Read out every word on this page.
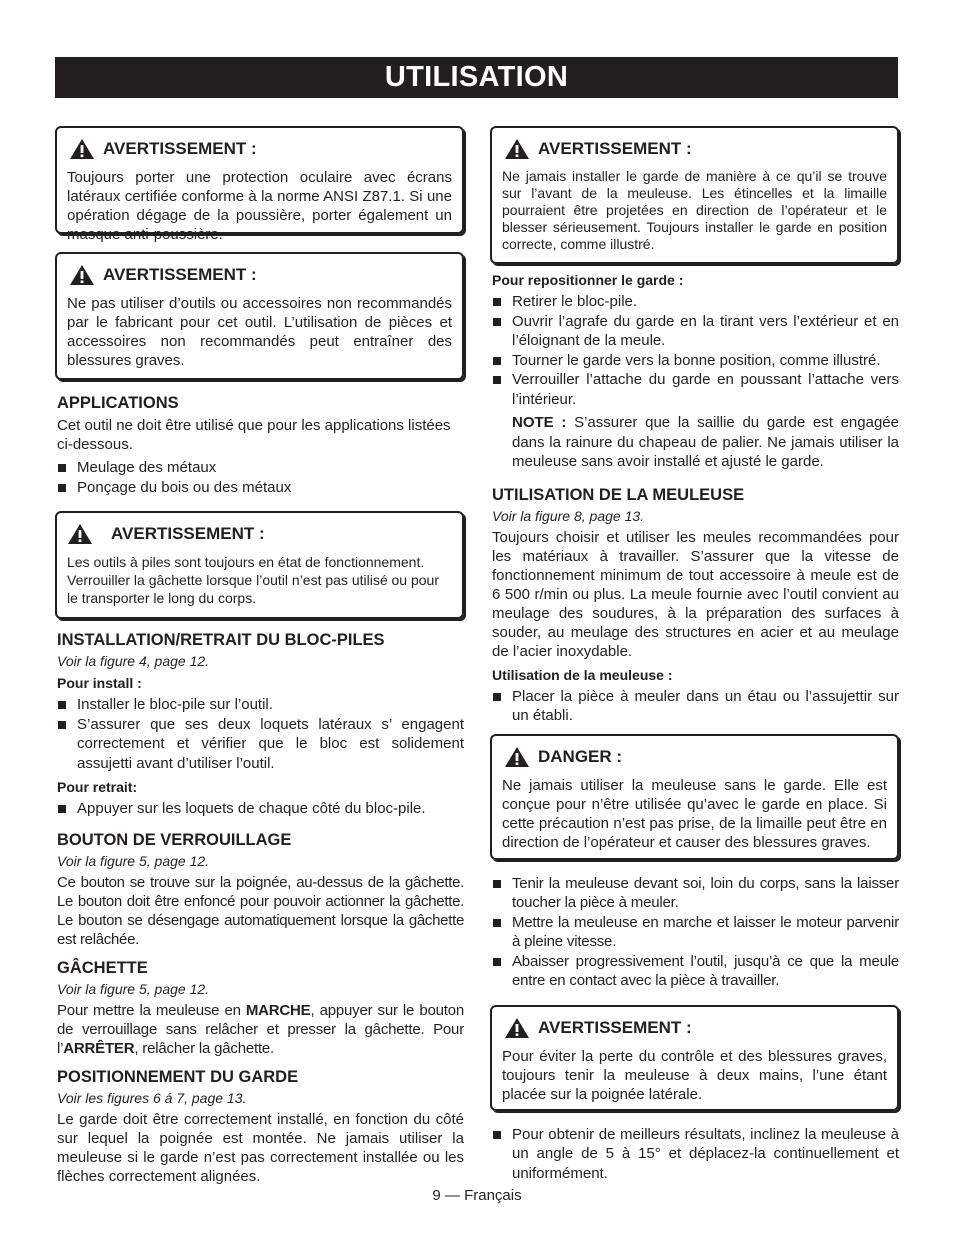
UTILISATION
AVERTISSEMENT :
Toujours porter une protection oculaire avec écrans latéraux certifiée conforme à la norme ANSI Z87.1. Si une opération dégage de la poussière, porter également un masque anti-poussière.
AVERTISSEMENT :
Ne pas utiliser d’outils ou accessoires non recommandés par le fabricant pour cet outil. L’utilisation de pièces et accessoires non recommandés peut entraîner des blessures graves.
APPLICATIONS

Cet outil ne doit être utilisé que pour les applications listées ci-dessous.

Meulage des métaux
Ponçage du bois ou des métaux
AVERTISSEMENT :
Les outils à piles sont toujours en état de fonctionnement. Verrouiller la gâchette lorsque l’outil n’est pas utilisé ou pour le transporter le long du corps.
INSTALLATION/RETRAIT DU BLOC-PILES
Voir la figure 4, page 12.
Pour install :
Installer le bloc-pile sur l’outil.
S’assurer que ses deux loquets latéraux s’ engagent correctement et vérifier que le bloc est solidement assujetti avant d’utiliser l’outil.
Pour retrait:
Appuyer sur les loquets de chaque côté du bloc-pile.
BOUTON DE VERROUILLAGE
Voir la figure 5, page 12.

Ce bouton se trouve sur la poignée, au-dessus de la gâchette. Le bouton doit être enfoncé pour pouvoir actionner la gâchette. Le bouton se désengage automatiquement lorsque la gâchette est relâchée.

GÂCHETTE
Voir la figure 5, page 12.

Pour mettre la meuleuse en MARCHE, appuyer sur le bouton de verrouillage sans relâcher et presser la gâchette. Pour l’ARRÊTER, relâcher la gâchette.

POSITIONNEMENT DU GARDE
Voir les figures 6 á 7, page 13.

Le garde doit être correctement installé, en fonction du côté sur lequel la poignée est montée. Ne jamais utiliser la meuleuse si le garde n’est pas correctement installée ou les flèches correctement alignées.

AVERTISSEMENT :
Ne jamais installer le garde de manière à ce qu’il se trouve sur l’avant de la meuleuse. Les étincelles et la limaille pourraient être projetées en direction de l’opérateur et le blesser sérieusement. Toujours installer le garde en position correcte, comme illustré.
Pour repositionner le garde :
Retirer le bloc-pile.
Ouvrir l’agrafe du garde en la tirant vers l’extérieur et en l’éloignant de la meule.
Tourner le garde vers la bonne position, comme illustré.
Verrouiller l’attache du garde en poussant l’attache vers l’intérieur.
NOTE : S’assurer que la saillie du garde est engagée dans la rainure du chapeau de palier. Ne jamais utiliser la meuleuse sans avoir installé et ajusté le garde.
UTILISATION DE LA MEULEUSE
Voir la figure 8, page 13.

Toujours choisir et utiliser les meules recommandées pour les matériaux à travailler. S’assurer que la vitesse de fonctionnement minimum de tout accessoire à meule est de 6 500 r/min ou plus. La meule fournie avec l’outil convient au meulage des soudures, à la préparation des surfaces à souder, au meulage des structures en acier et au meulage de l’acier inoxydable.

Utilisation de la meuleuse :
Placer la pièce à meuler dans un étau ou l’assujettir sur un établi.
DANGER :
Ne jamais utiliser la meuleuse sans le garde. Elle est conçue pour n’être utilisée qu’avec le garde en place. Si cette précaution n’est pas prise, de la limaille peut être en direction de l’opérateur et causer des blessures graves.
Tenir la meuleuse devant soi, loin du corps, sans la laisser toucher la pièce à meuler.
Mettre la meuleuse en marche et laisser le moteur parvenir à pleine vitesse.
Abaisser progressivement l’outil, jusqu’à ce que la meule entre en contact avec la pièce à travailler.
AVERTISSEMENT :
Pour éviter la perte du contrôle et des blessures graves, toujours tenir la meuleuse à deux mains, l’une étant placée sur la poignée latérale.
Pour obtenir de meilleurs résultats, inclinez la meuleuse à un angle de 5 à 15° et déplacez-la continuellement et uniformément.
9 — Français
